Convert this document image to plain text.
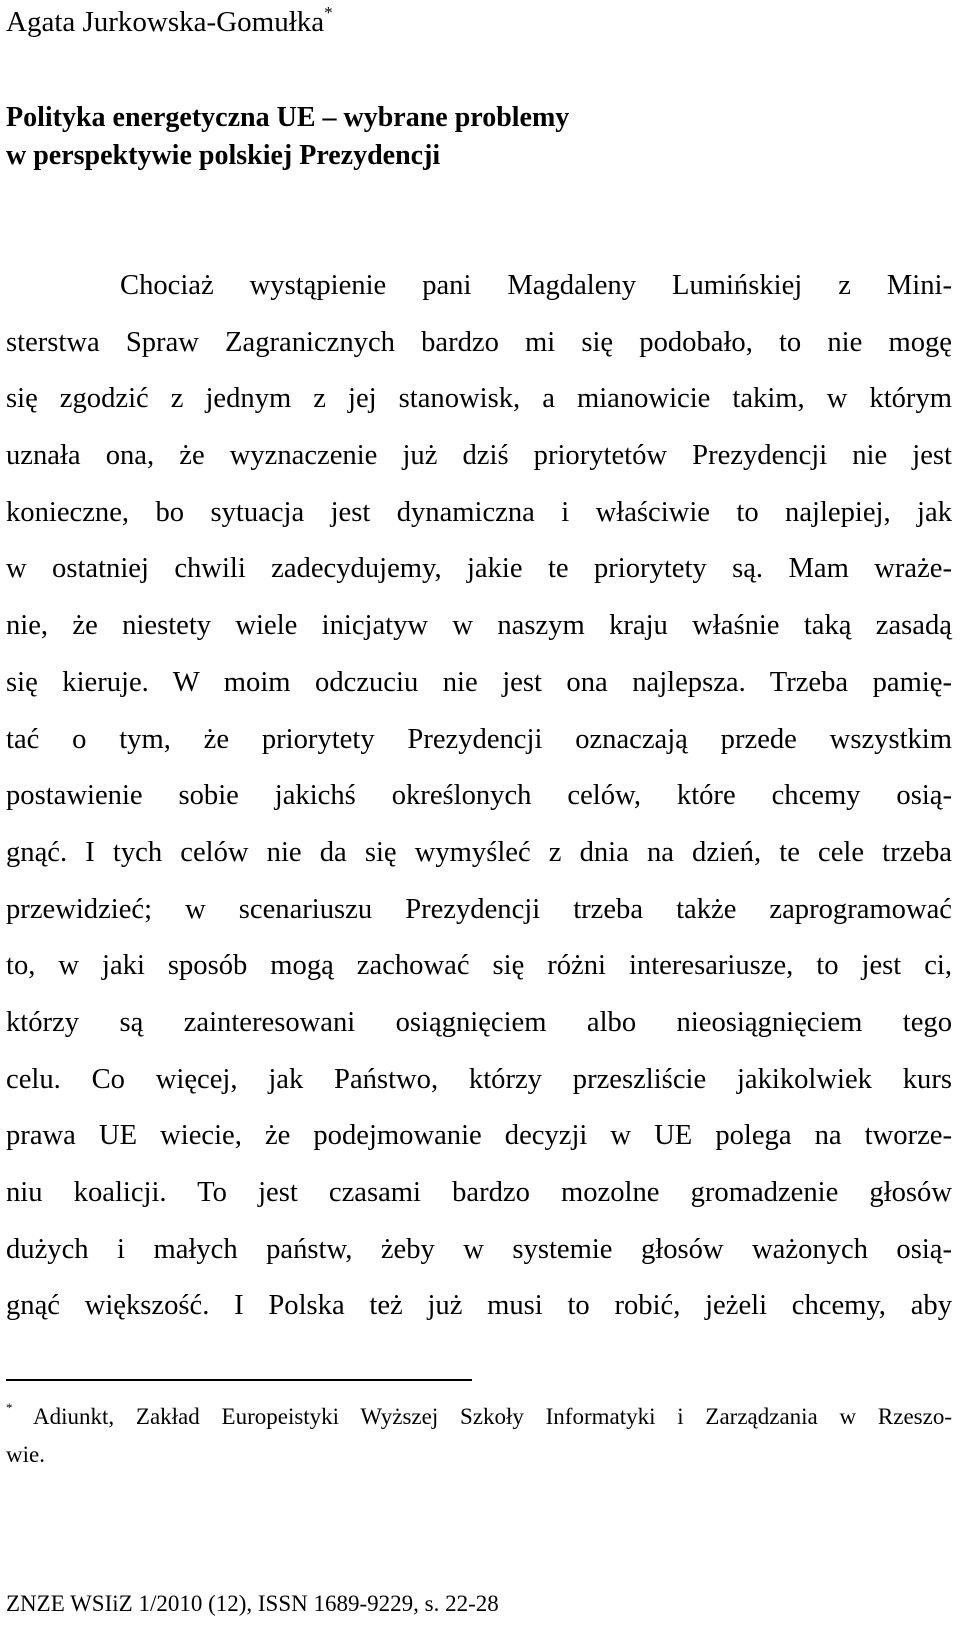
Agata Jurkowska-Gomułka*
Polityka energetyczna UE – wybrane problemy
w perspektywie polskiej Prezydencji
Chociaż wystąpienie pani Magdaleny Lumińskiej z Mini-
sterstwa Spraw Zagranicznych bardzo mi się podobało, to nie mogę
się zgodzić z jednym z jej stanowisk, a mianowicie takim, w którym
uznała ona, że wyznaczenie już dziś priorytetów Prezydencji nie jest
konieczne, bo sytuacja jest dynamiczna i właściwie to najlepiej, jak
w ostatniej chwili zadecydujemy, jakie te priorytety są. Mam wraże-
nie, że niestety wiele inicjatyw w naszym kraju właśnie taką zasadą
się kieruje. W moim odczuciu nie jest ona najlepsza. Trzeba pamię-
tać o tym, że priorytety Prezydencji oznaczają przede wszystkim
postawienie sobie jakichś określonych celów, które chcemy osią-
gnąć. I tych celów nie da się wymyśleć z dnia na dzień, te cele trzeba
przewidzieć; w scenariuszu Prezydencji trzeba także zaprogramować
to, w jaki sposób mogą zachować się różni interesariusze, to jest ci,
którzy są zainteresowani osiągnięciem albo nieosiągnięciem tego
celu. Co więcej, jak Państwo, którzy przeszliście jakikolwiek kurs
prawa UE wiecie, że podejmowanie decyzji w UE polega na tworze-
niu koalicji. To jest czasami bardzo mozolne gromadzenie głosów
dużych i małych państw, żeby w systemie głosów ważonych osią-
gnąć większość. I Polska też już musi to robić, jeżeli chcemy, aby
* Adiunkt, Zakład Europeistyki Wyższej Szkoły Informatyki i Zarządzania w Rzeszo-
wie.
ZNZE WSIiZ 1/2010 (12), ISSN 1689-9229, s. 22-28
